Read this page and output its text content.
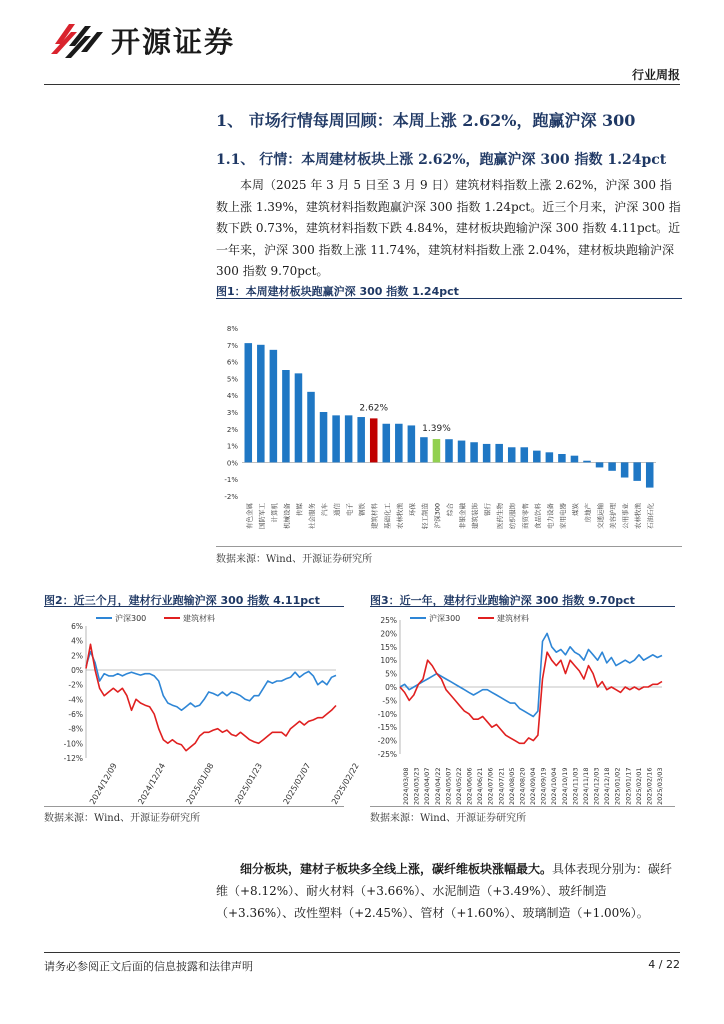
开源证券
行业周报
1、 市场行情每周回顾：本周上涨 2.62%，跑赢沪深 300
1.1、 行情：本周建材板块上涨 2.62%，跑赢沪深 300 指数 1.24pct

本周（2025 年 3 月 5 日至 3 月 9 日）建筑材料指数上涨 2.62%，沪深 300 指数上涨 1.39%，建筑材料指数跑赢沪深 300 指数 1.24pct。近三个月来，沪深 300 指数下跌 0.73%，建筑材料指数下跌 4.84%，建材板块跑输沪深 300 指数 4.11pct。近一年来，沪深 300 指数上涨 11.74%，建筑材料指数上涨 2.04%，建材板块跑输沪深 300 指数 9.70pct。

图1：本周建材板块跑赢沪深 300 指数 1.24pct
8%
7%
6%
5%
4%
3%
2%
1%
0%
-1%
-2%
有色金属 国防军工 计算机 机械设备 传媒 社会服务 汽车 通信 电子 钢铁 建筑材料 基础化工 农林牧渔 环保 轻工制造 沪深300 综合 非银金融 建筑装饰 银行 医药生物 纺织服饰 商贸零售 食品饮料 电力设备 家用电器 煤炭 房地产 交通运输 美容护理 公用事业 农林牧渔 石油石化
2.62%
1.39%
数据来源：Wind、开源证券研究所
图2：近三个月，建材行业跑输沪深 300 指数 4.11pct
6%
4%
2%
0%
-2%
-4%
-6%
-8%
-10%
-12%
沪深300	建筑材料
2024/12/09 2024/12/24 2025/01/08 2025/01/23 2025/02/07 2025/02/22
数据来源：Wind、开源证券研究所
图3：近一年，建材行业跑输沪深 300 指数 9.70pct
25%
20%
15%
10%
5%
0%
-5%
-10%
-15%
-20%
-25%
沪深300	建筑材料
2024/03/08 2024/03/23 2024/04/07 2024/04/22 2024/05/07 2024/05/22 2024/06/06 2024/06/21 2024/07/06 2024/07/21 2024/08/05 2024/08/20 2024/09/04 2024/09/19 2024/10/04 2024/10/19 2024/11/03 2024/11/18 2024/12/03 2024/12/18 2025/01/02 2025/01/17 2025/02/01 2025/02/16 2025/03/03
数据来源：Wind、开源证券研究所

细分板块，建材子板块多全线上涨，碳纤维板块涨幅最大。具体表现分别为：碳纤维（+8.12%）、耐火材料（+3.66%）、水泥制造（+3.49%）、玻纤制造（+3.36%）、改性塑料（+2.45%）、管材（+1.60%）、玻璃制造（+1.00%）。

请务必参阅正文后面的信息披露和法律声明	4 / 22
